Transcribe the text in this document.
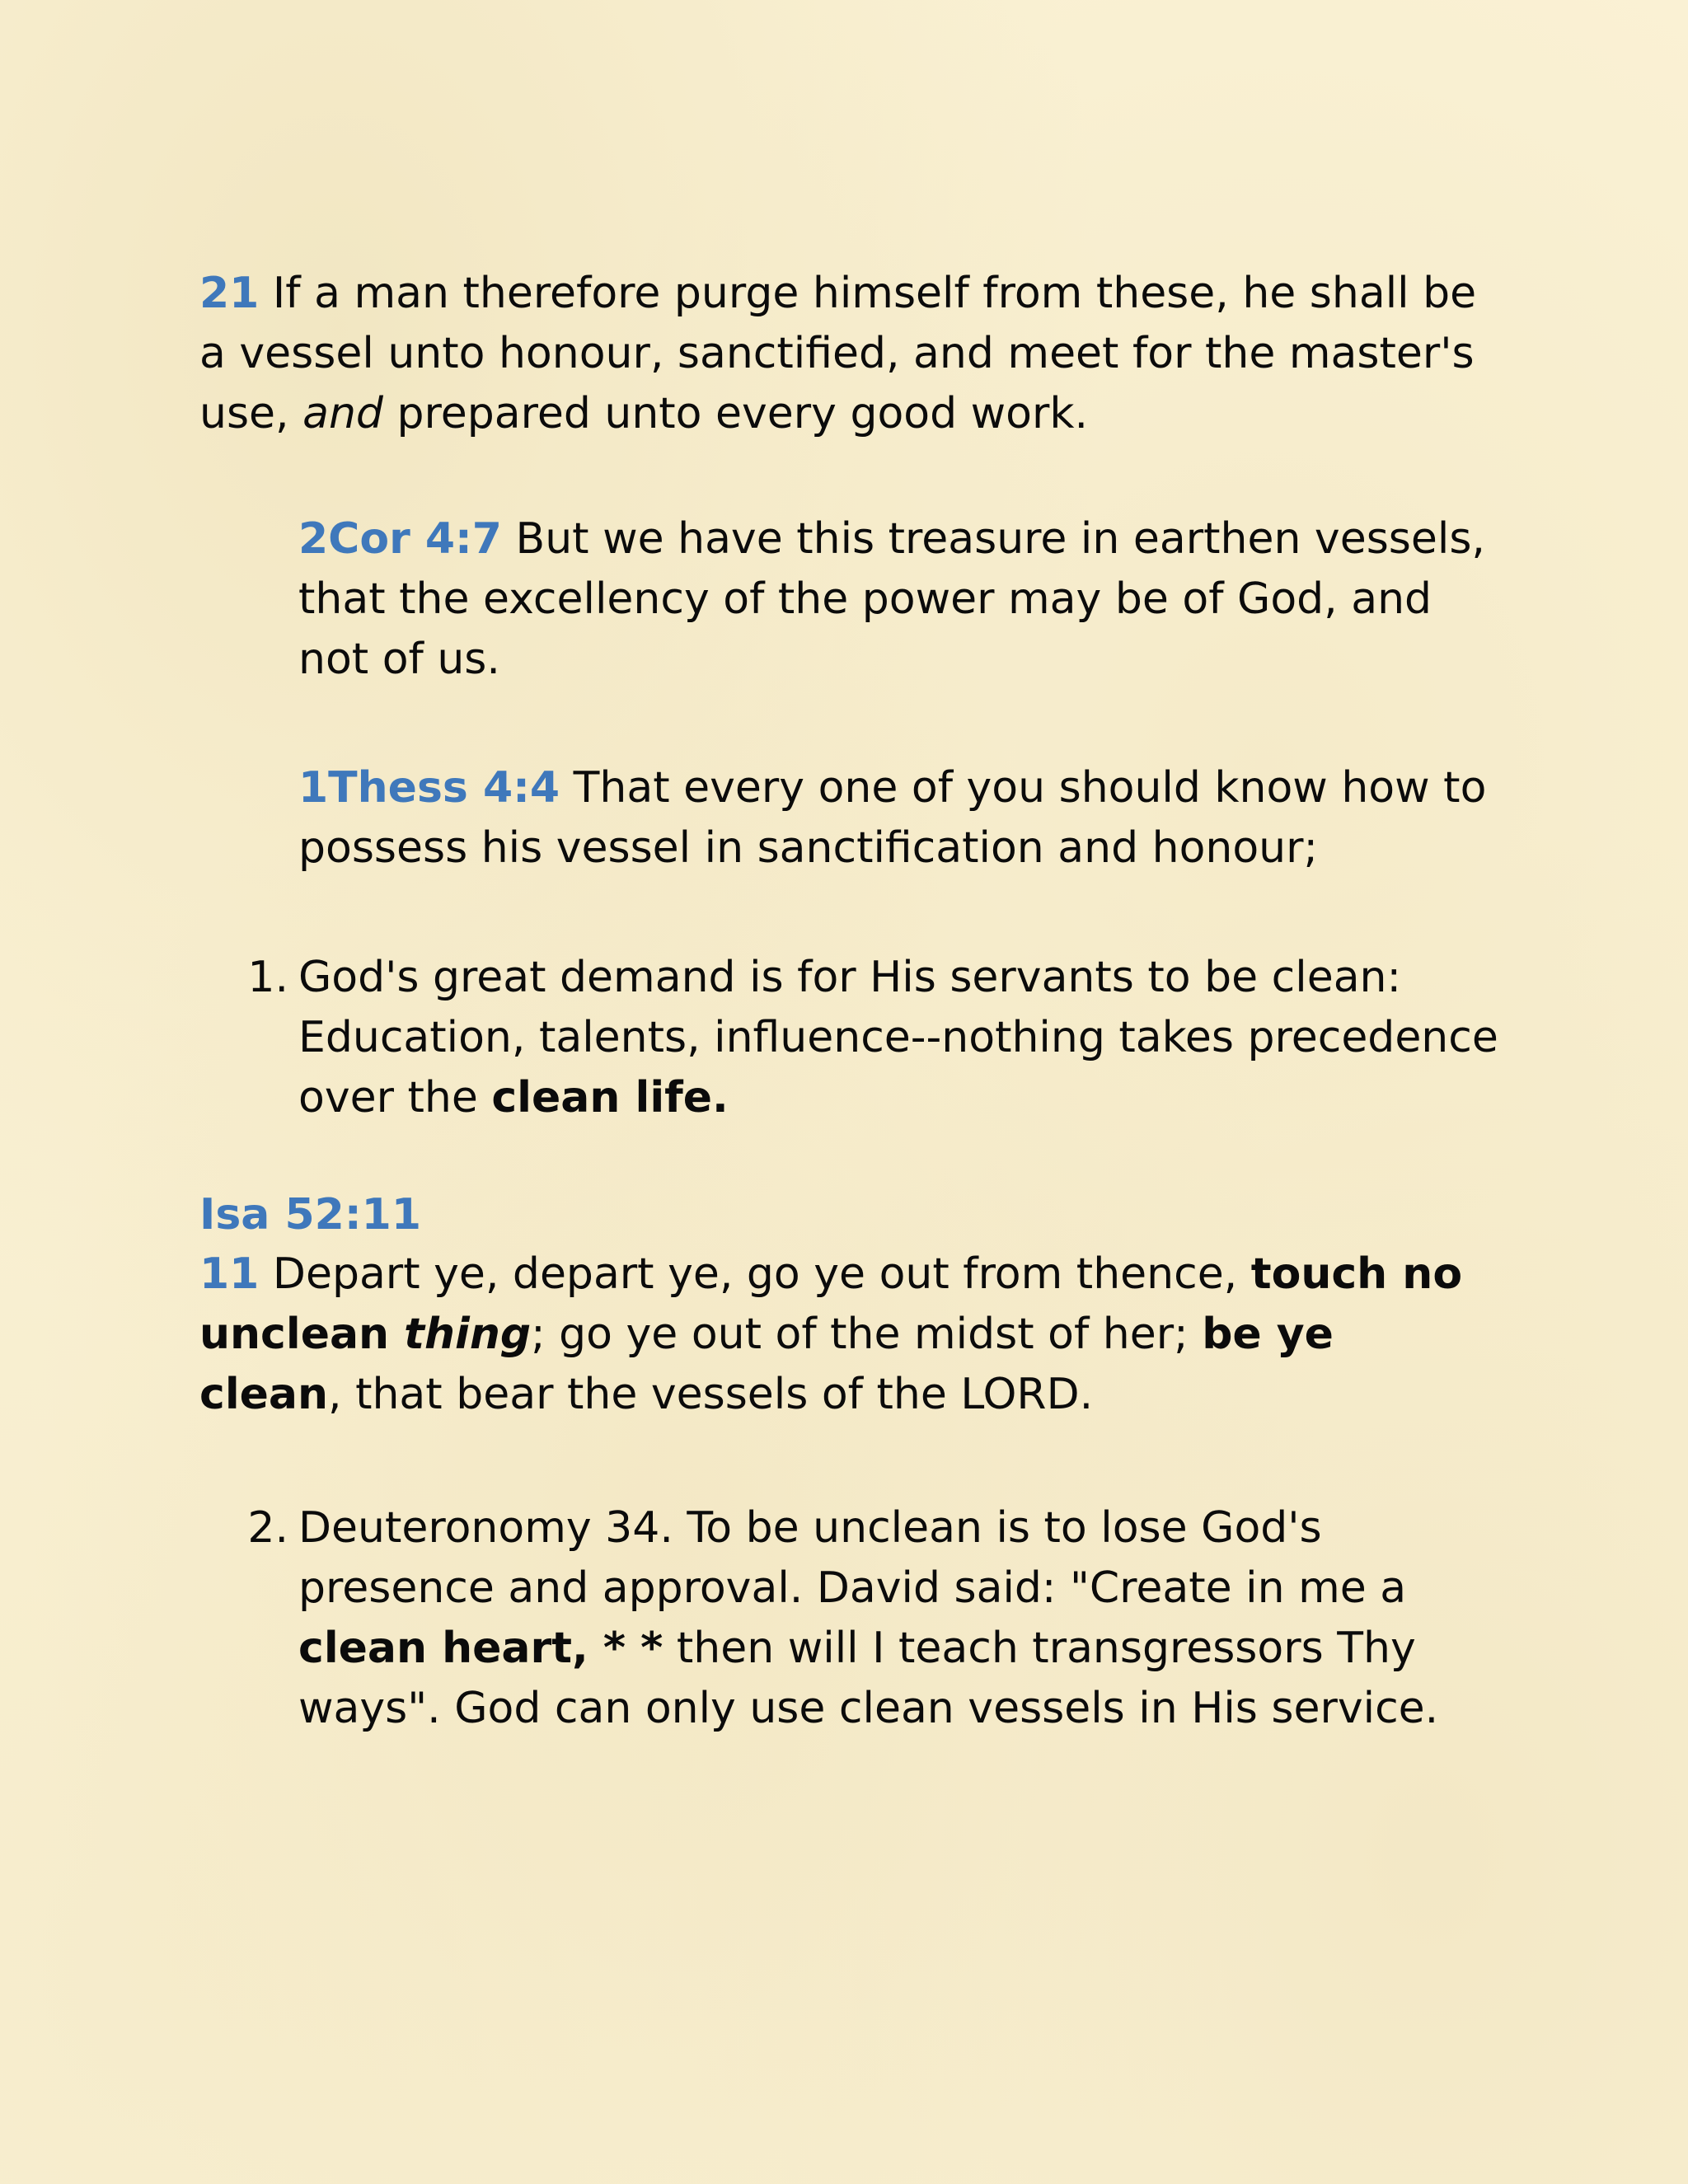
21 If a man therefore purge himself from these, he shall be a vessel unto honour, sanctified, and meet for the master's use, and prepared unto every good work.

2Cor 4:7 But we have this treasure in earthen vessels, that the excellency of the power may be of God, and not of us.

1Thess 4:4 That every one of you should know how to possess his vessel in sanctification and honour;

1. God's great demand is for His servants to be clean: Education, talents, influence--nothing takes precedence over the clean life.

Isa 52:11

11 Depart ye, depart ye, go ye out from thence, touch no unclean thing; go ye out of the midst of her; be ye clean, that bear the vessels of the LORD.

2. Deuteronomy 34. To be unclean is to lose God's presence and approval. David said: "Create in me a clean heart, * * then will I teach transgressors Thy ways". God can only use clean vessels in His service.
